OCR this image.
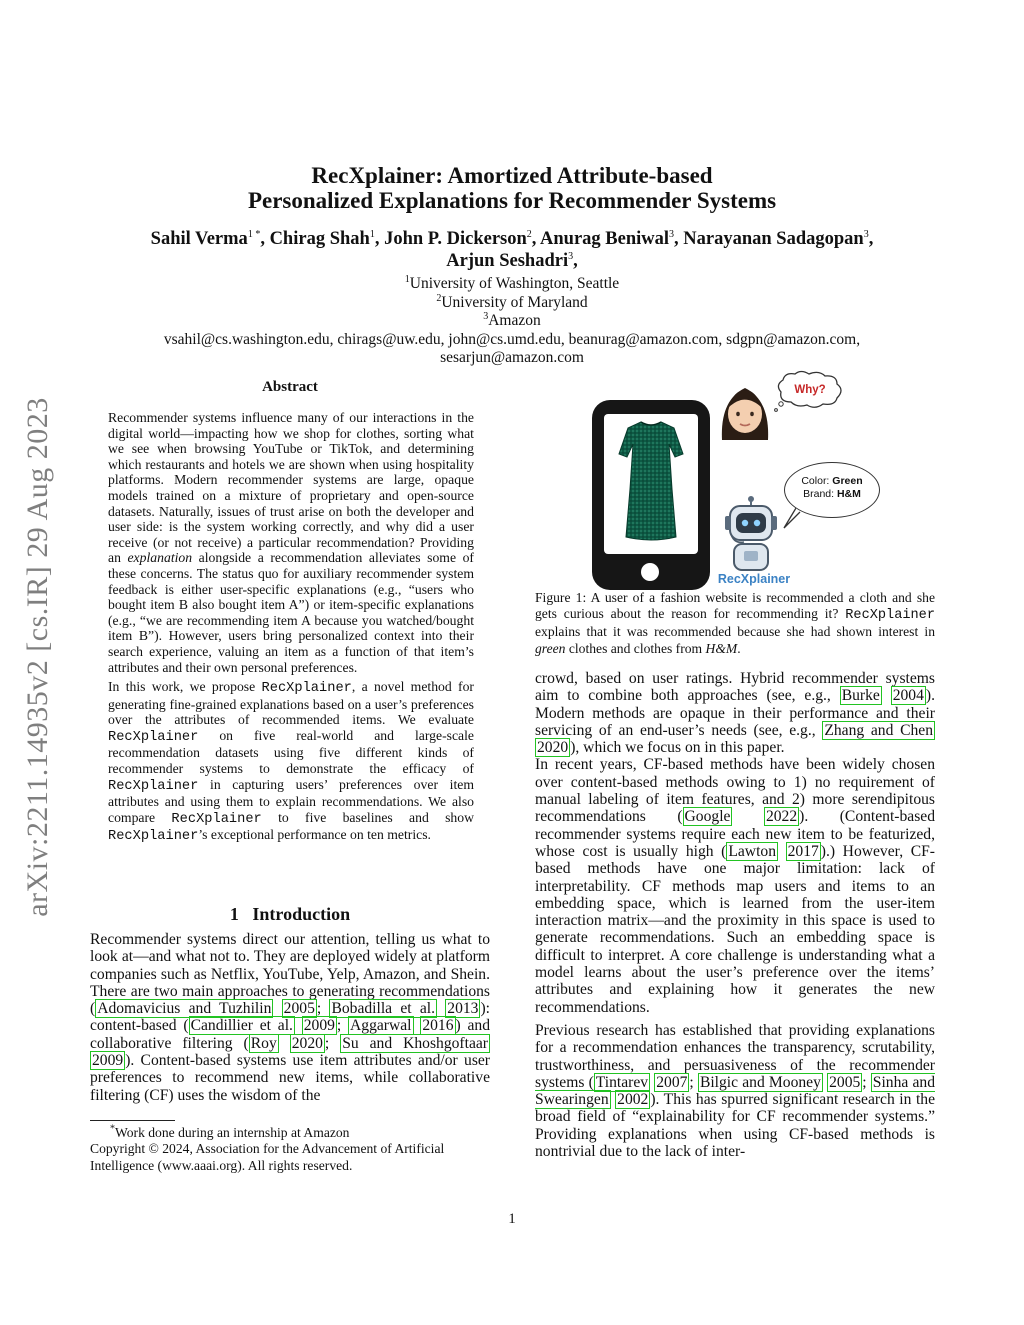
arXiv:2211.14935v2 [cs.IR] 29 Aug 2023
RecXplainer: Amortized Attribute-based
Personalized Explanations for Recommender Systems
Sahil Verma$^{1 *}$, Chirag Shah$^1$, John P. Dickerson$^2$, Anurag Beniwal$^3$, Narayanan Sadagopan$^3$,
Arjun Seshadri$^3$,
$^1$University of Washington, Seattle
$^2$University of Maryland
$^3$Amazon
vsahil@cs.washington.edu, chirags@uw.edu, john@cs.umd.edu, beanurag@amazon.com, sdgpn@amazon.com,
sesarjun@amazon.com
Abstract

Recommender systems influence many of our interactions in the digital world—impacting how we shop for clothes, sorting what we see when browsing YouTube or TikTok, and determining which restaurants and hotels we are shown when using hospitality platforms. Modern recommender systems are large, opaque models trained on a mixture of proprietary and open-source datasets. Naturally, issues of trust arise on both the developer and user side: is the system working correctly, and why did a user receive (or not receive) a particular recommendation? Providing an explanation alongside a recommendation alleviates some of these concerns. The status quo for auxiliary recommender system feedback is either user-specific explanations (e.g., “users who bought item B also bought item A”) or item-specific explanations (e.g., “we are recommending item A because you watched/bought item B”). However, users bring personalized context into their search experience, valuing an item as a function of that item’s attributes and their own personal preferences.

In this work, we propose RecXplainer, a novel method for generating fine-grained explanations based on a user’s preferences over the attributes of recommended items. We evaluate RecXplainer on five real-world and large-scale recommendation datasets using five different kinds of recommender systems to demonstrate the efficacy of RecXplainer in capturing users’ preferences over item attributes and using them to explain recommendations. We also compare RecXplainer to five baselines and show RecXplainer’s exceptional performance on ten metrics.

1 Introduction

Recommender systems direct our attention, telling us what to look at—and what not to. They are deployed widely at platform companies such as Netflix, YouTube, Yelp, Amazon, and Shein. There are two main approaches to generating recommendations ( Adomavicius and Tuzhilin 2005 ; Bobadilla et al. 2013 ): content-based ( Candillier et al. 2009 ; Aggarwal 2016 ) and collaborative filtering ( Roy 2020 ; Su and Khoshgoftaar 2009 ). Content-based systems use item attributes and/or user preferences to recommend new items, while collaborative filtering (CF) uses the wisdom of the

*Work done during an internship at Amazon
Copyright © 2024, Association for the Advancement of Artificial Intelligence (www.aaai.org). All rights reserved.
Why?
Color: Green
Brand: H&M
RecXplainer
Figure 1: A user of a fashion website is recommended a cloth and she gets curious about the reason for recommending it? RecXplainer explains that it was recommended because she had shown interest in green clothes and clothes from H&M.

crowd, based on user ratings. Hybrid recommender systems aim to combine both approaches (see, e.g., Burke 2004 ). Modern methods are opaque in their performance and their servicing of an end-user’s needs (see, e.g., Zhang and Chen 2020 ), which we focus on in this paper.

In recent years, CF-based methods have been widely chosen over content-based methods owing to 1) no requirement of manual labeling of item features, and 2) more serendipitous recommendations ( Google 2022 ). (Content-based recommender systems require each new item to be featurized, whose cost is usually high ( Lawton 2017 ).) However, CF-based methods have one major limitation: lack of interpretability. CF methods map users and items to an embedding space, which is learned from the user-item interaction matrix—and the proximity in this space is used to generate recommendations. Such an embedding space is difficult to interpret. A core challenge is understanding what a model learns about the user’s preference over the items’ attributes and explaining how it generates the new recommendations.

Previous research has established that providing explanations for a recommendation enhances the transparency, scrutability, trustworthiness, and persuasiveness of the recommender systems ( Tintarev 2007 ; Bilgic and Mooney 2005 ; Sinha and Swearingen 2002 ). This has spurred significant research in the broad field of “explainability for CF recommender systems.” Providing explanations when using CF-based methods is nontrivial due to the lack of inter-

1
